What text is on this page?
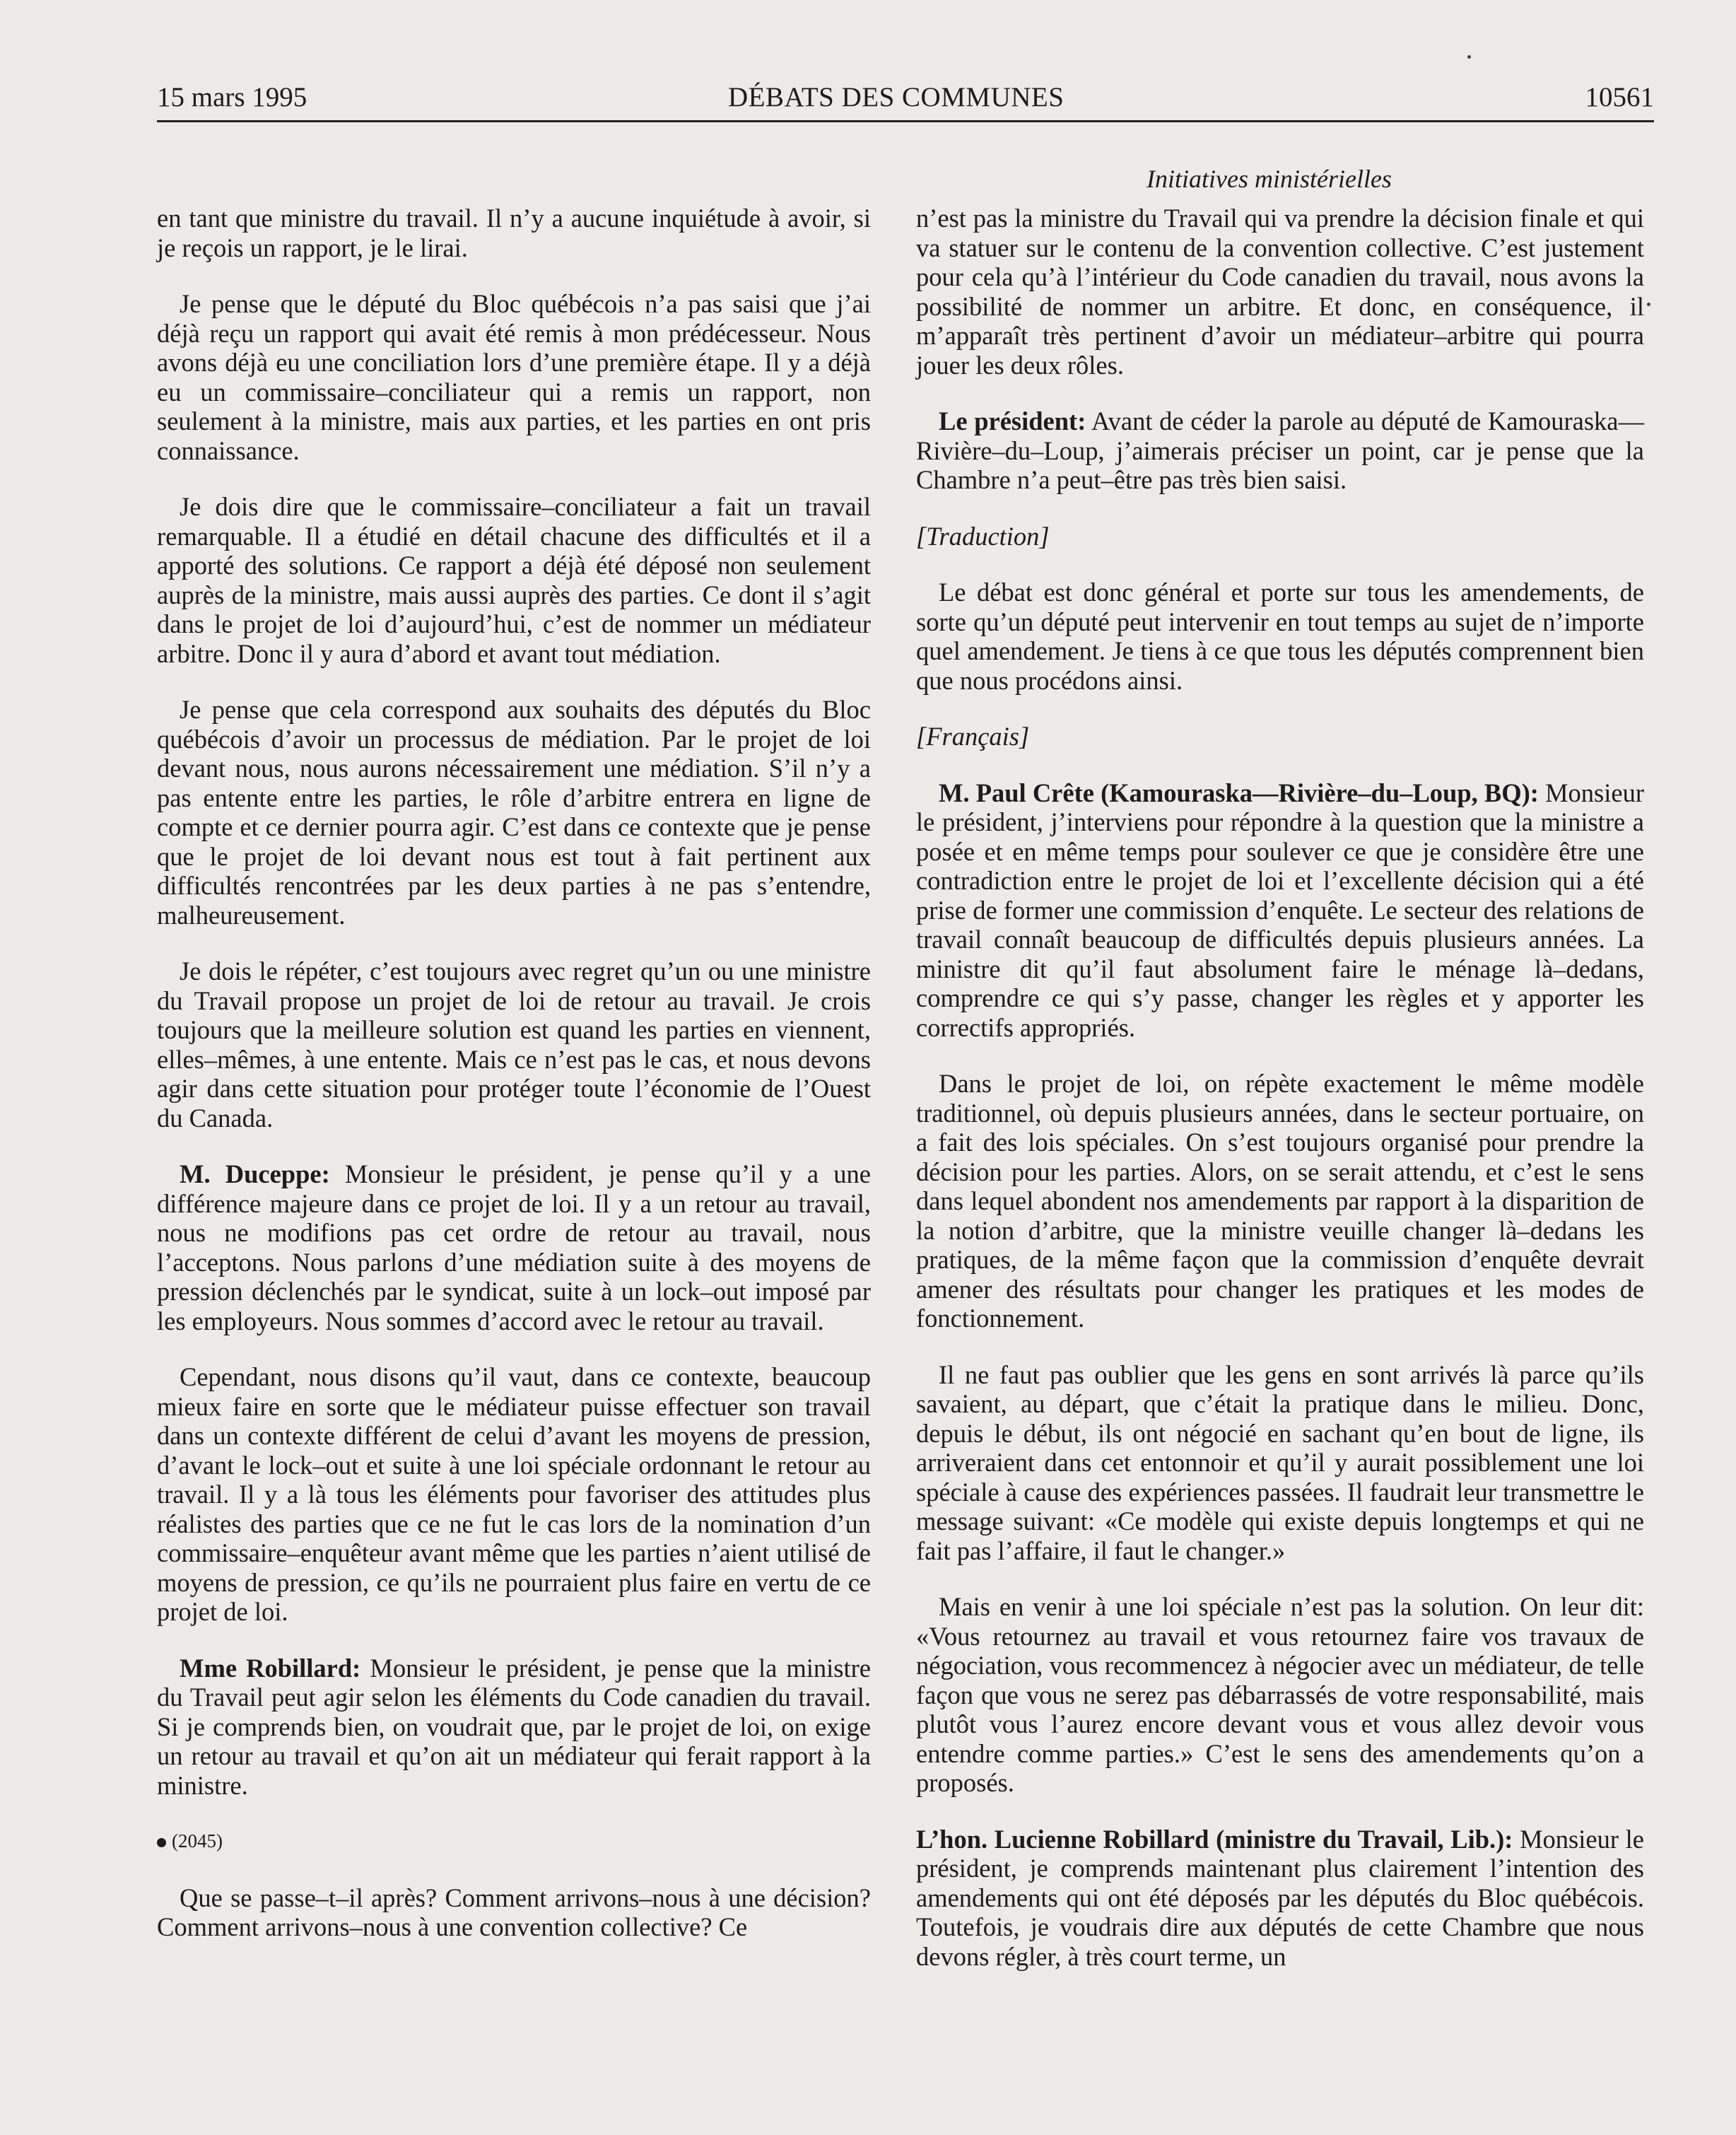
15 mars 1995	DÉBATS DES COMMUNES	10561
Initiatives ministérielles

en tant que ministre du travail. Il n’y a aucune inquiétude à avoir, si je reçois un rapport, je le lirai.

Je pense que le député du Bloc québécois n’a pas saisi que j’ai déjà reçu un rapport qui avait été remis à mon prédécesseur. Nous avons déjà eu une conciliation lors d’une première étape. Il y a déjà eu un commissaire–conciliateur qui a remis un rapport, non seulement à la ministre, mais aux parties, et les parties en ont pris connaissance.

Je dois dire que le commissaire–conciliateur a fait un travail remarquable. Il a étudié en détail chacune des difficultés et il a apporté des solutions. Ce rapport a déjà été déposé non seulement auprès de la ministre, mais aussi auprès des parties. Ce dont il s’agit dans le projet de loi d’aujourd’hui, c’est de nommer un médiateur arbitre. Donc il y aura d’abord et avant tout médiation.

Je pense que cela correspond aux souhaits des députés du Bloc québécois d’avoir un processus de médiation. Par le projet de loi devant nous, nous aurons nécessairement une médiation. S’il n’y a pas entente entre les parties, le rôle d’arbitre entrera en ligne de compte et ce dernier pourra agir. C’est dans ce contexte que je pense que le projet de loi devant nous est tout à fait pertinent aux difficultés rencontrées par les deux parties à ne pas s’entendre, malheureusement.

Je dois le répéter, c’est toujours avec regret qu’un ou une ministre du Travail propose un projet de loi de retour au travail. Je crois toujours que la meilleure solution est quand les parties en viennent, elles–mêmes, à une entente. Mais ce n’est pas le cas, et nous devons agir dans cette situation pour protéger toute l’économie de l’Ouest du Canada.

M. Duceppe: Monsieur le président, je pense qu’il y a une différence majeure dans ce projet de loi. Il y a un retour au travail, nous ne modifions pas cet ordre de retour au travail, nous l’acceptons. Nous parlons d’une médiation suite à des moyens de pression déclenchés par le syndicat, suite à un lock–out imposé par les employeurs. Nous sommes d’accord avec le retour au travail.

Cependant, nous disons qu’il vaut, dans ce contexte, beaucoup mieux faire en sorte que le médiateur puisse effectuer son travail dans un contexte différent de celui d’avant les moyens de pression, d’avant le lock–out et suite à une loi spéciale ordonnant le retour au travail. Il y a là tous les éléments pour favoriser des attitudes plus réalistes des parties que ce ne fut le cas lors de la nomination d’un commissaire–enquêteur avant même que les parties n’aient utilisé de moyens de pression, ce qu’ils ne pourraient plus faire en vertu de ce projet de loi.

Mme Robillard: Monsieur le président, je pense que la ministre du Travail peut agir selon les éléments du Code canadien du travail. Si je comprends bien, on voudrait que, par le projet de loi, on exige un retour au travail et qu’on ait un médiateur qui ferait rapport à la ministre.

(2045)

Que se passe–t–il après? Comment arrivons–nous à une décision? Comment arrivons–nous à une convention collective? Ce

n’est pas la ministre du Travail qui va prendre la décision finale et qui va statuer sur le contenu de la convention collective. C’est justement pour cela qu’à l’intérieur du Code canadien du travail, nous avons la possibilité de nommer un arbitre. Et donc, en conséquence, il m’apparaît très pertinent d’avoir un médiateur–arbitre qui pourra jouer les deux rôles.

Le président: Avant de céder la parole au député de Kamouraska—Rivière–du–Loup, j’aimerais préciser un point, car je pense que la Chambre n’a peut–être pas très bien saisi.

[Traduction]

Le débat est donc général et porte sur tous les amendements, de sorte qu’un député peut intervenir en tout temps au sujet de n’importe quel amendement. Je tiens à ce que tous les députés comprennent bien que nous procédons ainsi.

[Français]

M. Paul Crête (Kamouraska—Rivière–du–Loup, BQ): Monsieur le président, j’interviens pour répondre à la question que la ministre a posée et en même temps pour soulever ce que je considère être une contradiction entre le projet de loi et l’excellente décision qui a été prise de former une commission d’enquête. Le secteur des relations de travail connaît beaucoup de difficultés depuis plusieurs années. La ministre dit qu’il faut absolument faire le ménage là–dedans, comprendre ce qui s’y passe, changer les règles et y apporter les correctifs appropriés.

Dans le projet de loi, on répète exactement le même modèle traditionnel, où depuis plusieurs années, dans le secteur portuaire, on a fait des lois spéciales. On s’est toujours organisé pour prendre la décision pour les parties. Alors, on se serait attendu, et c’est le sens dans lequel abondent nos amendements par rapport à la disparition de la notion d’arbitre, que la ministre veuille changer là–dedans les pratiques, de la même façon que la commission d’enquête devrait amener des résultats pour changer les pratiques et les modes de fonctionnement.

Il ne faut pas oublier que les gens en sont arrivés là parce qu’ils savaient, au départ, que c’était la pratique dans le milieu. Donc, depuis le début, ils ont négocié en sachant qu’en bout de ligne, ils arriveraient dans cet entonnoir et qu’il y aurait possiblement une loi spéciale à cause des expériences passées. Il faudrait leur transmettre le message suivant: «Ce modèle qui existe depuis longtemps et qui ne fait pas l’affaire, il faut le changer.»

Mais en venir à une loi spéciale n’est pas la solution. On leur dit: «Vous retournez au travail et vous retournez faire vos travaux de négociation, vous recommencez à négocier avec un médiateur, de telle façon que vous ne serez pas débarrassés de votre responsabilité, mais plutôt vous l’aurez encore devant vous et vous allez devoir vous entendre comme parties.» C’est le sens des amendements qu’on a proposés.

L’hon. Lucienne Robillard (ministre du Travail, Lib.): Monsieur le président, je comprends maintenant plus clairement l’intention des amendements qui ont été déposés par les députés du Bloc québécois. Toutefois, je voudrais dire aux députés de cette Chambre que nous devons régler, à très court terme, un
